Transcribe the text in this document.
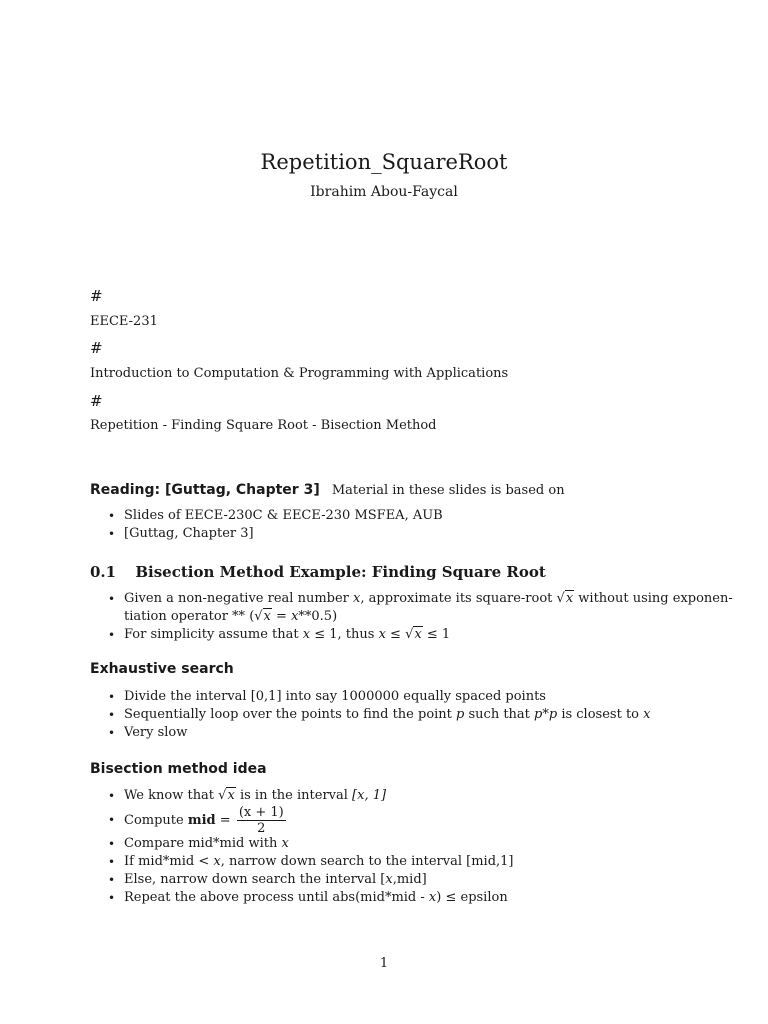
Repetition_SquareRoot
Ibrahim Abou-Faycal
#
EECE-231
#
Introduction to Computation & Programming with Applications
#
Repetition - Finding Square Root - Bisection Method
Reading: [Guttag, Chapter 3] Material in these slides is based on
• Slides of EECE-230C & EECE-230 MSFEA, AUB
• [Guttag, Chapter 3]
0.1 Bisection Method Example: Finding Square Root
• Given a non-negative real number x, approximate its square-root √x without using exponen-
tiation operator ** (√x = x**0.5)
• For simplicity assume that x ≤ 1, thus x ≤ √x ≤ 1
Exhaustive search
• Divide the interval [0,1] into say 1000000 equally spaced points
• Sequentially loop over the points to find the point p such that p*p is closest to x
• Very slow
Bisection method idea
• We know that √x is in the interval [x, 1]
• Compute mid = $\frac{(x + 1)}{2}$
• Compare mid*mid with x
• If mid*mid < x, narrow down search to the interval [mid,1]
• Else, narrow down search the interval [x,mid]
• Repeat the above process until abs(mid*mid - x) ≤ epsilon
1
